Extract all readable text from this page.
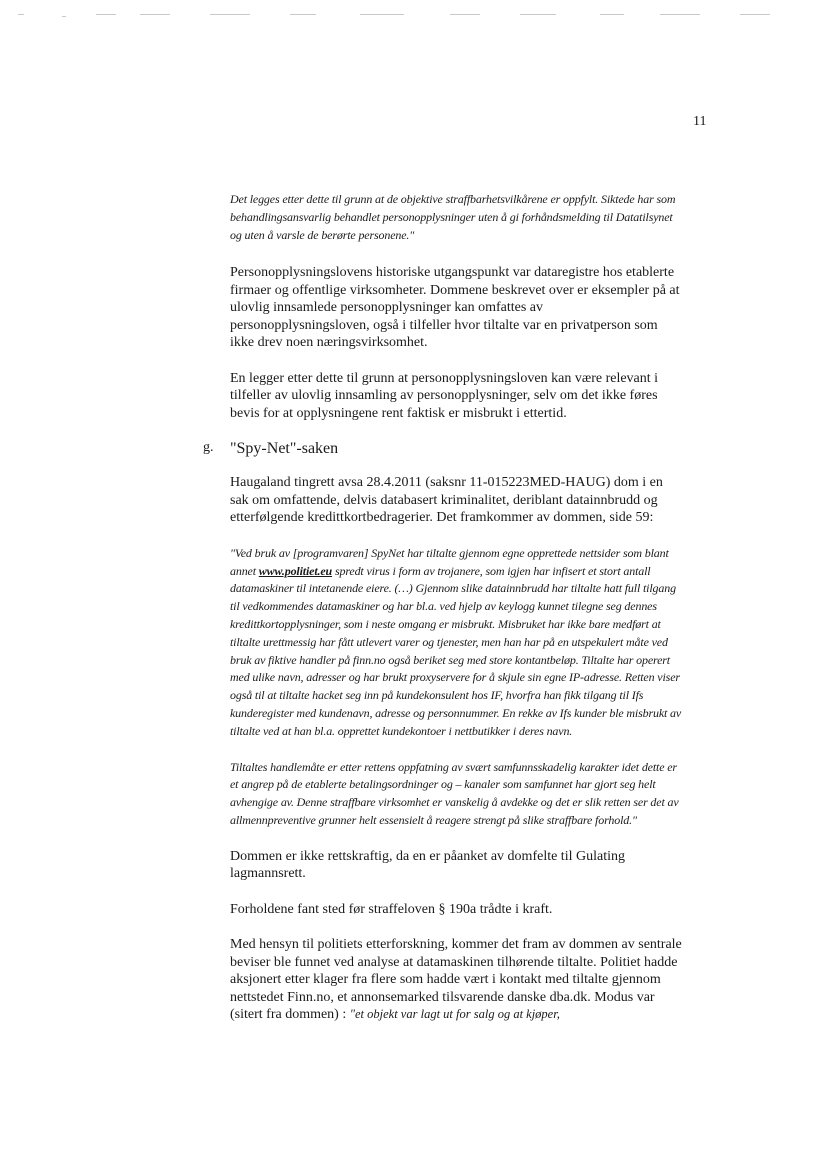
11

Det legges etter dette til grunn at de objektive straffbarhetsvilkårene er oppfylt. Siktede har som behandlingsansvarlig behandlet personopplysninger uten å gi forhåndsmelding til Datatilsynet og uten å varsle de berørte personene."

Personopplysningslovens historiske utgangspunkt var dataregistre hos etablerte firmaer og offentlige virksomheter. Dommene beskrevet over er eksempler på at ulovlig innsamlede personopplysninger kan omfattes av personopplysningsloven, også i tilfeller hvor tiltalte var en privatperson som ikke drev noen næringsvirksomhet.

En legger etter dette til grunn at personopplysningsloven kan være relevant i tilfeller av ulovlig innsamling av personopplysninger, selv om det ikke føres bevis for at opplysningene rent faktisk er misbrukt i ettertid.

g. "Spy-Net"-saken

Haugaland tingrett avsa 28.4.2011 (saksnr 11-015223MED-HAUG) dom i en sak om omfattende, delvis databasert kriminalitet, deriblant datainnbrudd og etterfølgende kredittkortbedragerier. Det framkommer av dommen, side 59:

"Ved bruk av [programvaren] SpyNet har tiltalte gjennom egne opprettede nettsider som blant annet www.politiet.eu spredt virus i form av trojanere, som igjen har infisert et stort antall datamaskiner til intetanende eiere. (…) Gjennom slike datainnbrudd har tiltalte hatt full tilgang til vedkommendes datamaskiner og har bl.a. ved hjelp av keylogg kunnet tilegne seg dennes kredittkortopplysninger, som i neste omgang er misbrukt. Misbruket har ikke bare medført at tiltalte urettmessig har fått utlevert varer og tjenester, men han har på en utspekulert måte ved bruk av fiktive handler på finn.no også beriket seg med store kontantbeløp. Tiltalte har operert med ulike navn, adresser og har brukt proxyservere for å skjule sin egne IP-adresse. Retten viser også til at tiltalte hacket seg inn på kundekonsulent hos IF, hvorfra han fikk tilgang til Ifs kunderegister med kundenavn, adresse og personnummer. En rekke av Ifs kunder ble misbrukt av tiltalte ved at han bl.a. opprettet kundekontoer i nettbutikker i deres navn.

Tiltaltes handlemåte er etter rettens oppfatning av svært samfunnsskadelig karakter idet dette er et angrep på de etablerte betalingsordninger og – kanaler som samfunnet har gjort seg helt avhengige av. Denne straffbare virksomhet er vanskelig å avdekke og det er slik retten ser det av allmennpreventive grunner helt essensielt å reagere strengt på slike straffbare forhold."

Dommen er ikke rettskraftig, da en er påanket av domfelte til Gulating lagmannsrett.

Forholdene fant sted før straffeloven § 190a trådte i kraft.

Med hensyn til politiets etterforskning, kommer det fram av dommen av sentrale beviser ble funnet ved analyse at datamaskinen tilhørende tiltalte. Politiet hadde aksjonert etter klager fra flere som hadde vært i kontakt med tiltalte gjennom nettstedet Finn.no, et annonsemarked tilsvarende danske dba.dk. Modus var (sitert fra dommen) : "et objekt var lagt ut for salg og at kjøper,
